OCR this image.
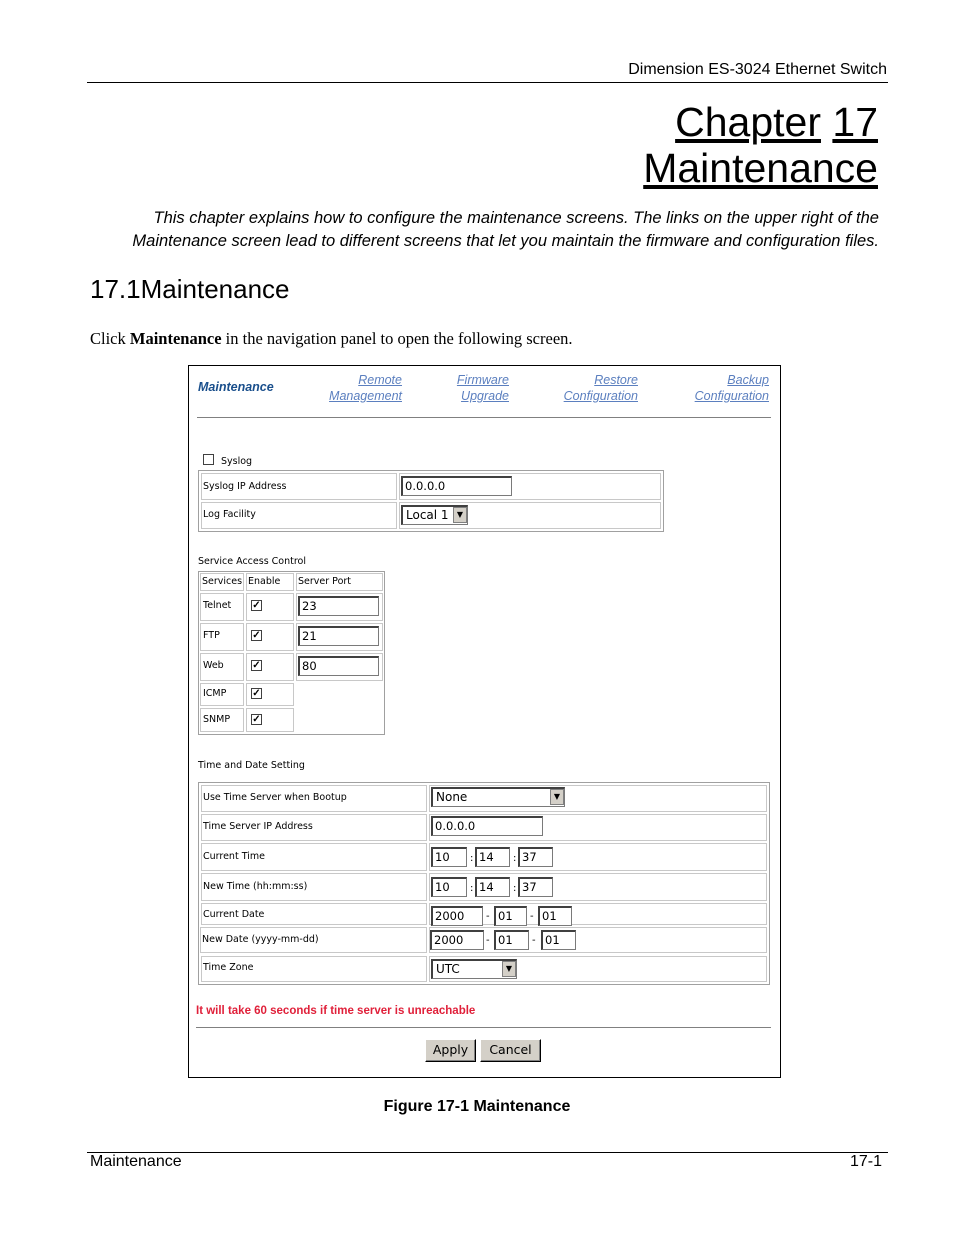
Dimension ES-3024 Ethernet Switch
Chapter 17
Maintenance
This chapter explains how to configure the maintenance screens. The links on the upper right of the Maintenance screen lead to different screens that let you maintain the firmware and configuration files.
17.1Maintenance
Click Maintenance in the navigation panel to open the following screen.
Maintenance	Remote
Management
Firmware
Upgrade
Restore
Configuration
Backup
Configuration
Syslog
Syslog IP Address	0.0.0.0
Log Facility	Local 1	▼
Service Access Control
Services Enable Server Port
Telnet ✓	23
FTP	✓	21
Web	✓	80
ICMP	✓
SNMP ✓
Time and Date Setting
Use Time Server when Bootup	None	▼
Time Server IP Address	0.0.0.0
Current Time	10	: 14	: 37
New Time (hh:mm:ss)	10	: 14	: 37
Current Date	2000	- 01	- 01
New Date (yyyy-mm-dd)	2000	- 01	- 01
Time Zone	UTC	▼
It will take 60 seconds if time server is unreachable
Apply	Cancel
Figure 17-1 Maintenance
Maintenance	17-1
